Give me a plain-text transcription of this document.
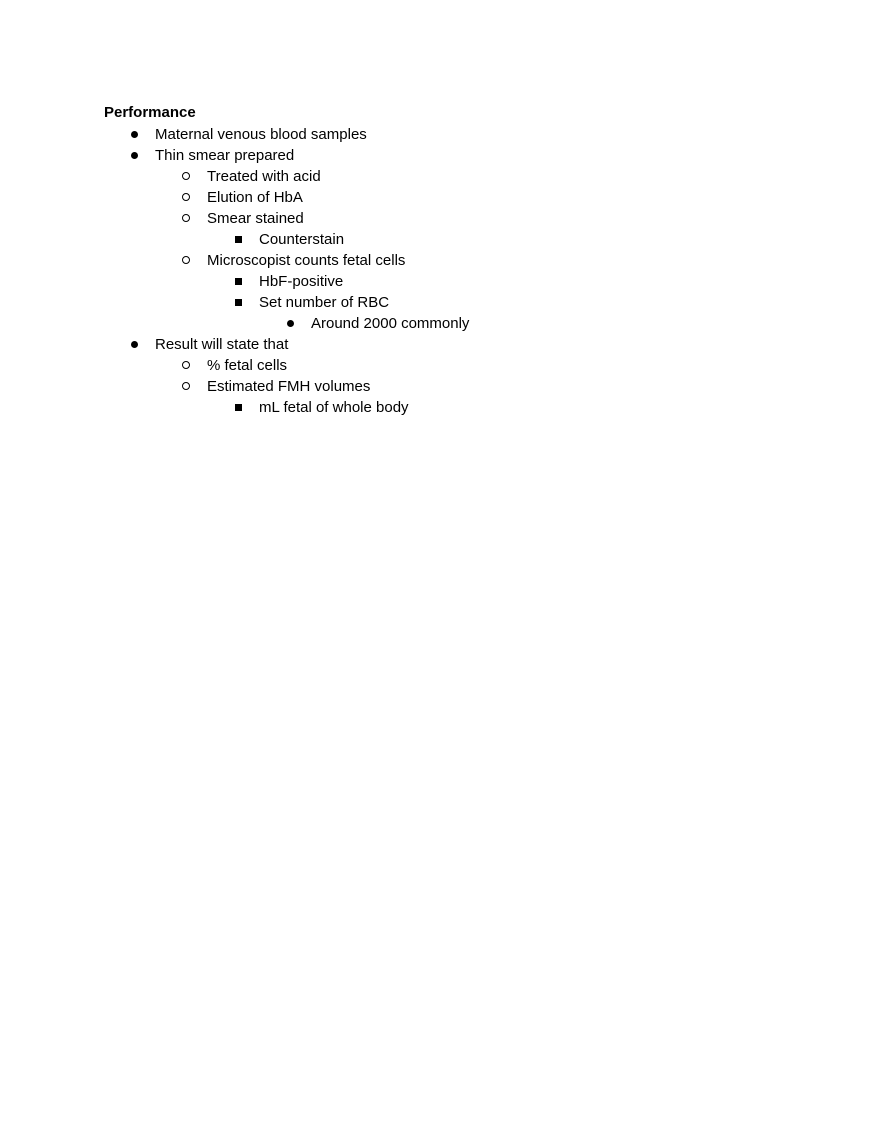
Performance
Maternal venous blood samples
Thin smear prepared
Treated with acid
Elution of HbA
Smear stained
Counterstain
Microscopist counts fetal cells
HbF-positive
Set number of RBC
Around 2000 commonly
Result will state that
% fetal cells
Estimated FMH volumes
mL fetal of whole body
